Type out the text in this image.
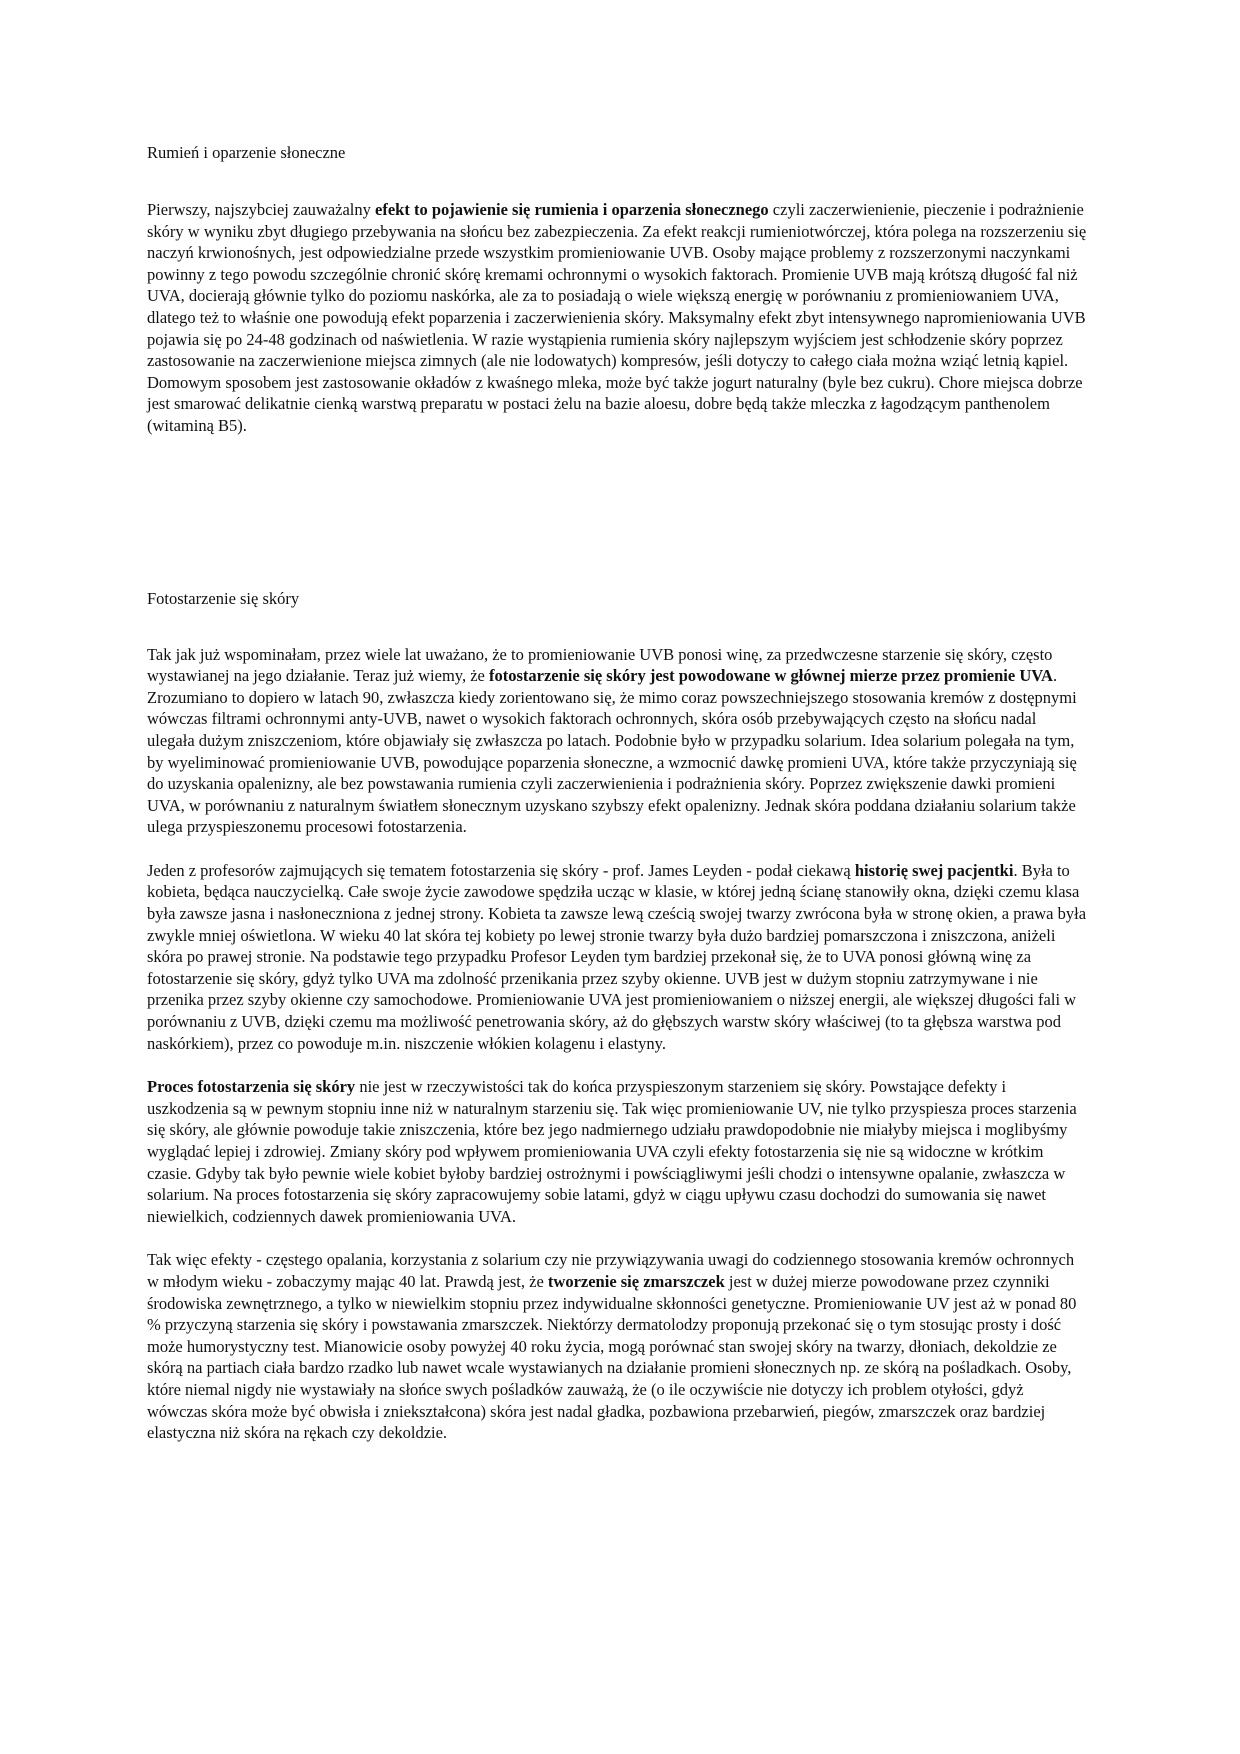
Rumień i oparzenie słoneczne

Pierwszy, najszybciej zauważalny efekt to pojawienie się rumienia i oparzenia słonecznego czyli zaczerwienienie, pieczenie i podrażnienie skóry w wyniku zbyt długiego przebywania na słońcu bez zabezpieczenia. Za efekt reakcji rumieniotwórczej, która polega na rozszerzeniu się naczyń krwionośnych, jest odpowiedzialne przede wszystkim promieniowanie UVB. Osoby mające problemy z rozszerzonymi naczynkami powinny z tego powodu szczególnie chronić skórę kremami ochronnymi o wysokich faktorach. Promienie UVB mają krótszą długość fal niż UVA, docierają głównie tylko do poziomu naskórka, ale za to posiadają o wiele większą energię w porównaniu z promieniowaniem UVA, dlatego też to właśnie one powodują efekt poparzenia i zaczerwienienia skóry. Maksymalny efekt zbyt intensywnego napromieniowania UVB pojawia się po 24-48 godzinach od naświetlenia. W razie wystąpienia rumienia skóry najlepszym wyjściem jest schłodzenie skóry poprzez zastosowanie na zaczerwienione miejsca zimnych (ale nie lodowatych) kompresów, jeśli dotyczy to całego ciała można wziąć letnią kąpiel. Domowym sposobem jest zastosowanie okładów z kwaśnego mleka, może być także jogurt naturalny (byle bez cukru). Chore miejsca dobrze jest smarować delikatnie cienką warstwą preparatu w postaci żelu na bazie aloesu, dobre będą także mleczka z łagodzącym panthenolem (witaminą B5).

Fotostarzenie się skóry

Tak jak już wspominałam, przez wiele lat uważano, że to promieniowanie UVB ponosi winę, za przedwczesne starzenie się skóry, często wystawianej na jego działanie. Teraz już wiemy, że fotostarzenie się skóry jest powodowane w głównej mierze przez promienie UVA. Zrozumiano to dopiero w latach 90, zwłaszcza kiedy zorientowano się, że mimo coraz powszechniejszego stosowania kremów z dostępnymi wówczas filtrami ochronnymi anty-UVB, nawet o wysokich faktorach ochronnych, skóra osób przebywających często na słońcu nadal ulegała dużym zniszczeniom, które objawiały się zwłaszcza po latach. Podobnie było w przypadku solarium. Idea solarium polegała na tym, by wyeliminować promieniowanie UVB, powodujące poparzenia słoneczne, a wzmocnić dawkę promieni UVA, które także przyczyniają się do uzyskania opalenizny, ale bez powstawania rumienia czyli zaczerwienienia i podrażnienia skóry. Poprzez zwiększenie dawki promieni UVA, w porównaniu z naturalnym światłem słonecznym uzyskano szybszy efekt opalenizny. Jednak skóra poddana działaniu solarium także ulega przyspieszonemu procesowi fotostarzenia.

Jeden z profesorów zajmujących się tematem fotostarzenia się skóry - prof. James Leyden - podał ciekawą historię swej pacjentki. Była to kobieta, będąca nauczycielką. Całe swoje życie zawodowe spędziła ucząc w klasie, w której jedną ścianę stanowiły okna, dzięki czemu klasa była zawsze jasna i nasłoneczniona z jednej strony. Kobieta ta zawsze lewą cześcią swojej twarzy zwrócona była w stronę okien, a prawa była zwykle mniej oświetlona. W wieku 40 lat skóra tej kobiety po lewej stronie twarzy była dużo bardziej pomarszczona i zniszczona, aniżeli skóra po prawej stronie. Na podstawie tego przypadku Profesor Leyden tym bardziej przekonał się, że to UVA ponosi główną winę za fotostarzenie się skóry, gdyż tylko UVA ma zdolność przenikania przez szyby okienne. UVB jest w dużym stopniu zatrzymywane i nie przenika przez szyby okienne czy samochodowe. Promieniowanie UVA jest promieniowaniem o niższej energii, ale większej długości fali w porównaniu z UVB, dzięki czemu ma możliwość penetrowania skóry, aż do głębszych warstw skóry właściwej (to ta głębsza warstwa pod naskórkiem), przez co powoduje m.in. niszczenie włókien kolagenu i elastyny.

Proces fotostarzenia się skóry nie jest w rzeczywistości tak do końca przyspieszonym starzeniem się skóry. Powstające defekty i uszkodzenia są w pewnym stopniu inne niż w naturalnym starzeniu się. Tak więc promieniowanie UV, nie tylko przyspiesza proces starzenia się skóry, ale głównie powoduje takie zniszczenia, które bez jego nadmiernego udziału prawdopodobnie nie miałyby miejsca i moglibyśmy wyglądać lepiej i zdrowiej. Zmiany skóry pod wpływem promieniowania UVA czyli efekty fotostarzenia się nie są widoczne w krótkim czasie. Gdyby tak było pewnie wiele kobiet byłoby bardziej ostrożnymi i powściągliwymi jeśli chodzi o intensywne opalanie, zwłaszcza w solarium. Na proces fotostarzenia się skóry zapracowujemy sobie latami, gdyż w ciągu upływu czasu dochodzi do sumowania się nawet niewielkich, codziennych dawek promieniowania UVA.

Tak więc efekty - częstego opalania, korzystania z solarium czy nie przywiązywania uwagi do codziennego stosowania kremów ochronnych w młodym wieku - zobaczymy mając 40 lat. Prawdą jest, że tworzenie się zmarszczek jest w dużej mierze powodowane przez czynniki środowiska zewnętrznego, a tylko w niewielkim stopniu przez indywidualne skłonności genetyczne. Promieniowanie UV jest aż w ponad 80 % przyczyną starzenia się skóry i powstawania zmarszczek. Niektórzy dermatolodzy proponują przekonać się o tym stosując prosty i dość może humorystyczny test. Mianowicie osoby powyżej 40 roku życia, mogą porównać stan swojej skóry na twarzy, dłoniach, dekoldzie ze skórą na partiach ciała bardzo rzadko lub nawet wcale wystawianych na działanie promieni słonecznych np. ze skórą na pośladkach. Osoby, które niemal nigdy nie wystawiały na słońce swych pośladków zauważą, że (o ile oczywiście nie dotyczy ich problem otyłości, gdyż wówczas skóra może być obwisła i zniekształcona) skóra jest nadal gładka, pozbawiona przebarwień, piegów, zmarszczek oraz bardziej elastyczna niż skóra na rękach czy dekoldzie.
